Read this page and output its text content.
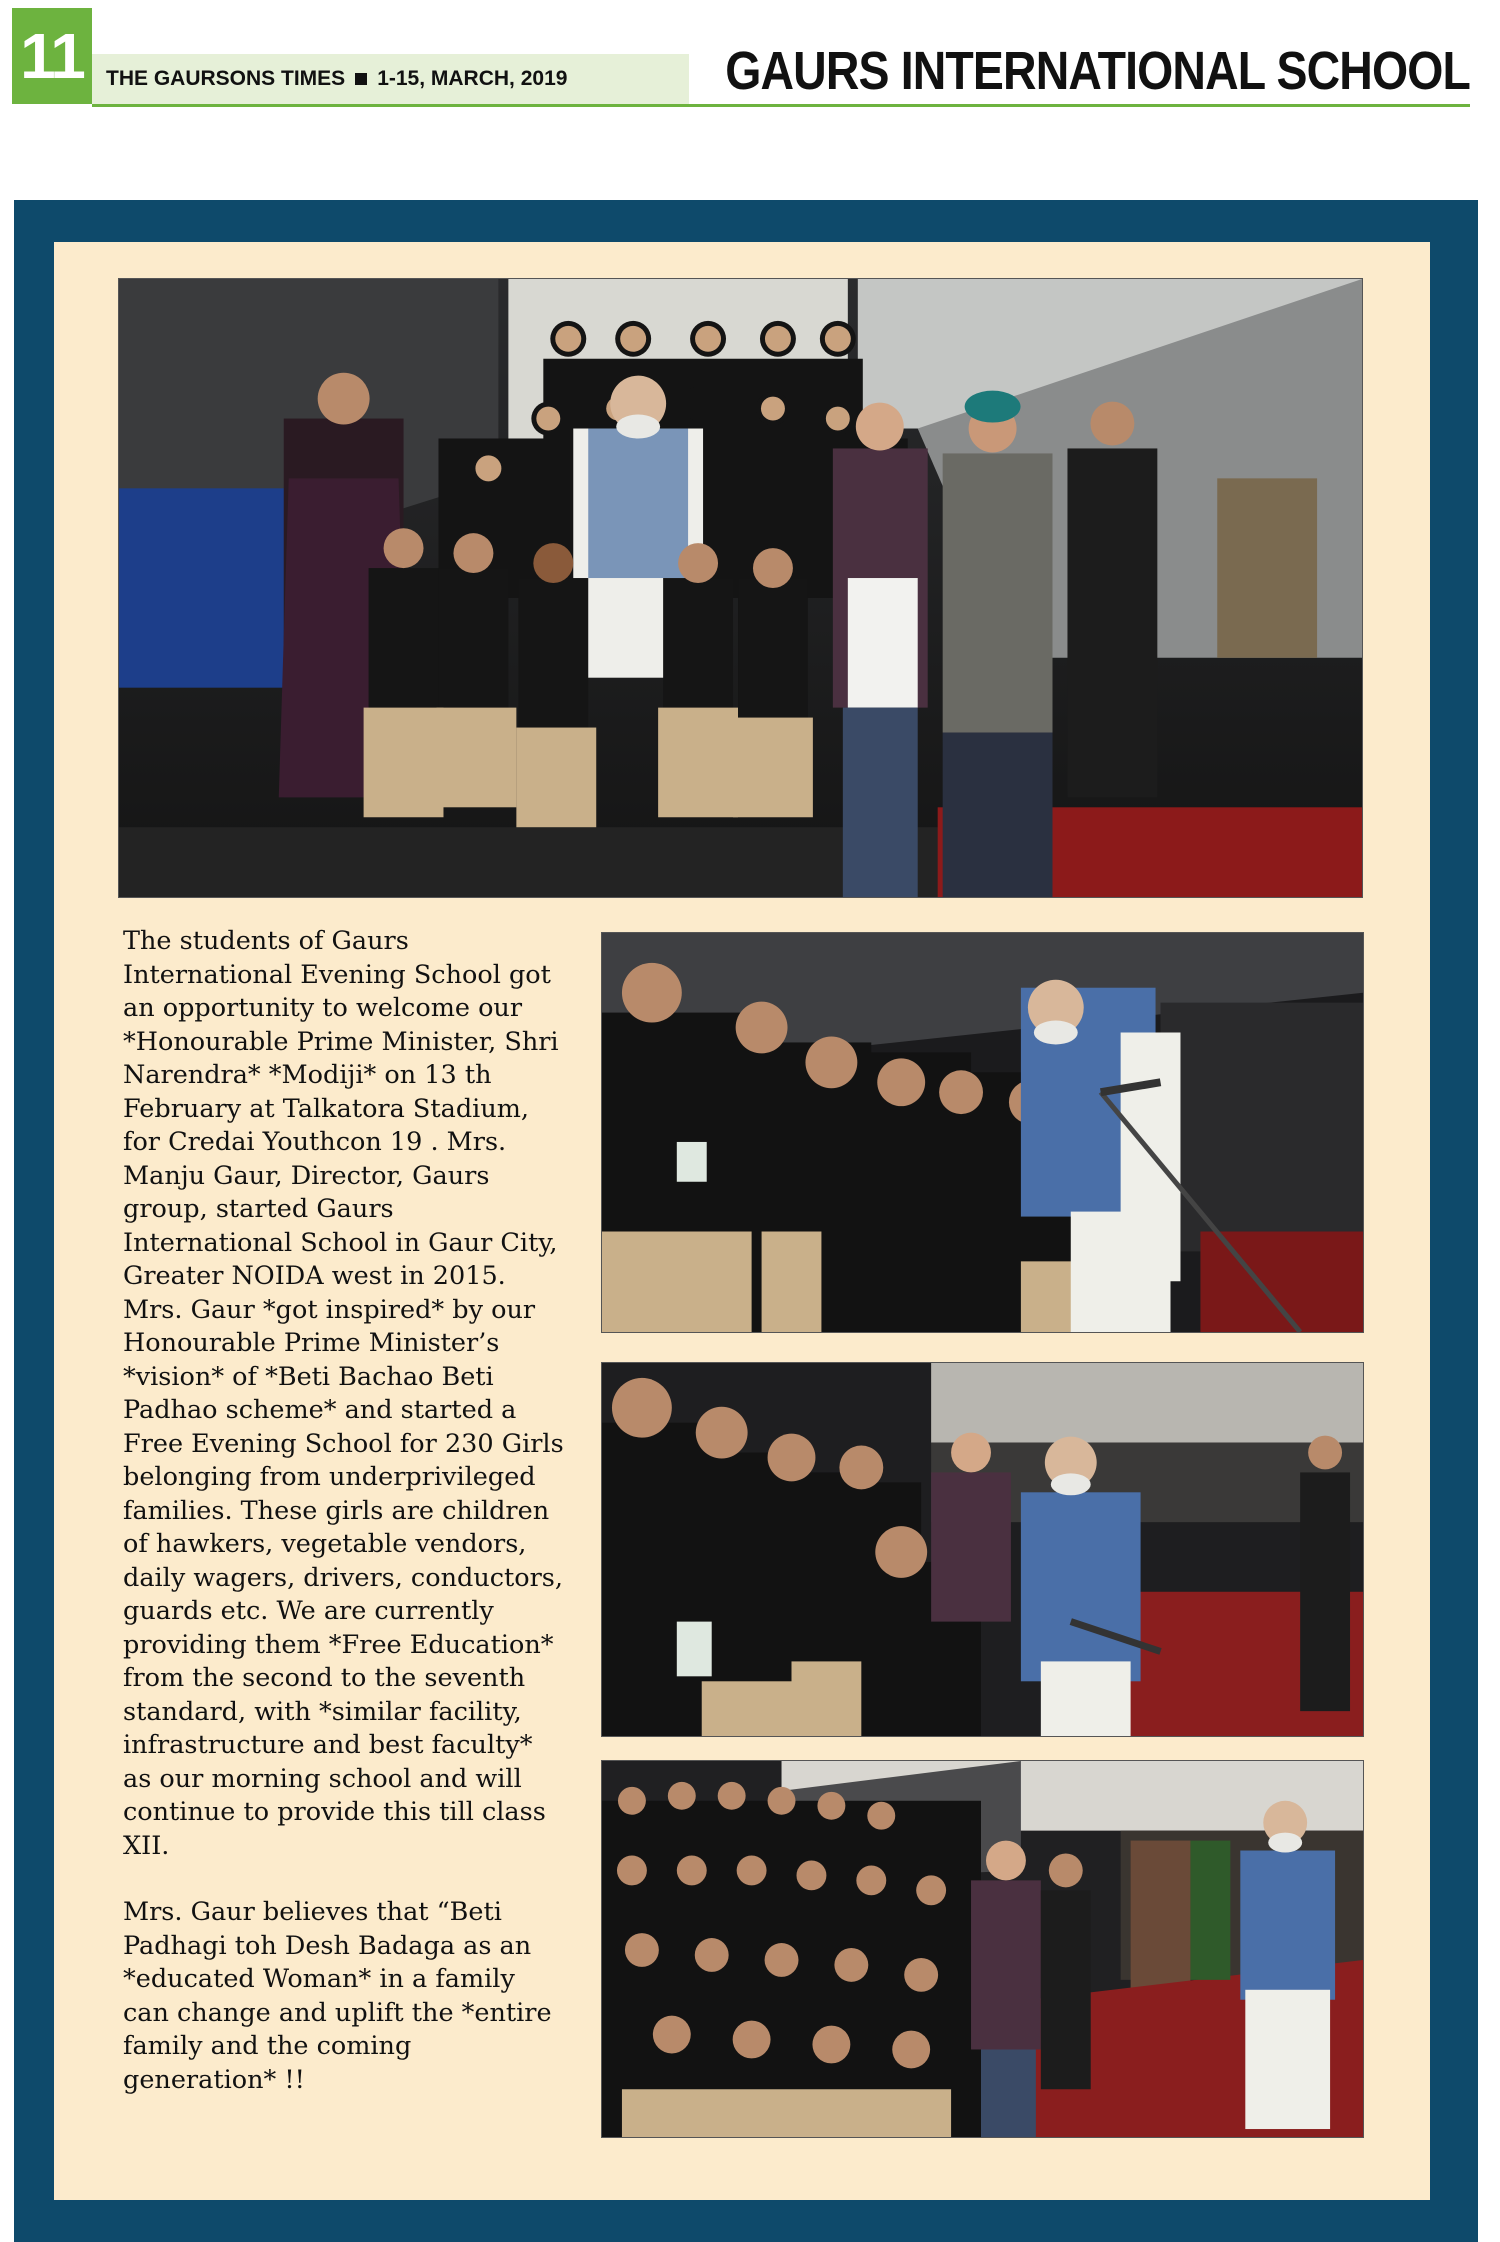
11	THE GAURSONS TIMES 1-15, MARCH, 2019	GAURS INTERNATIONAL SCHOOL

The students of Gaurs International Evening School got an opportunity to welcome our *Honourable Prime Minister, Shri Narendra* *Modiji* on 13 th February at Talkatora Stadium, for Credai Youthcon 19 . Mrs. Manju Gaur, Director, Gaurs group, started Gaurs International School in Gaur City, Greater NOIDA west in 2015. Mrs. Gaur *got inspired* by our Honourable Prime Minister’s *vision* of *Beti Bachao Beti Padhao scheme* and started a Free Evening School for 230 Girls belonging from underprivileged families. These girls are children of hawkers, vegetable vendors, daily wagers, drivers, conductors, guards etc. We are currently providing them *Free Education* from the second to the seventh standard, with *similar facility, infrastructure and best faculty* as our morning school and will continue to provide this till class XII.

Mrs. Gaur believes that “Beti Padhagi toh Desh Badaga as an *educated Woman* in a family can change and uplift the *entire family and the coming generation* !!
